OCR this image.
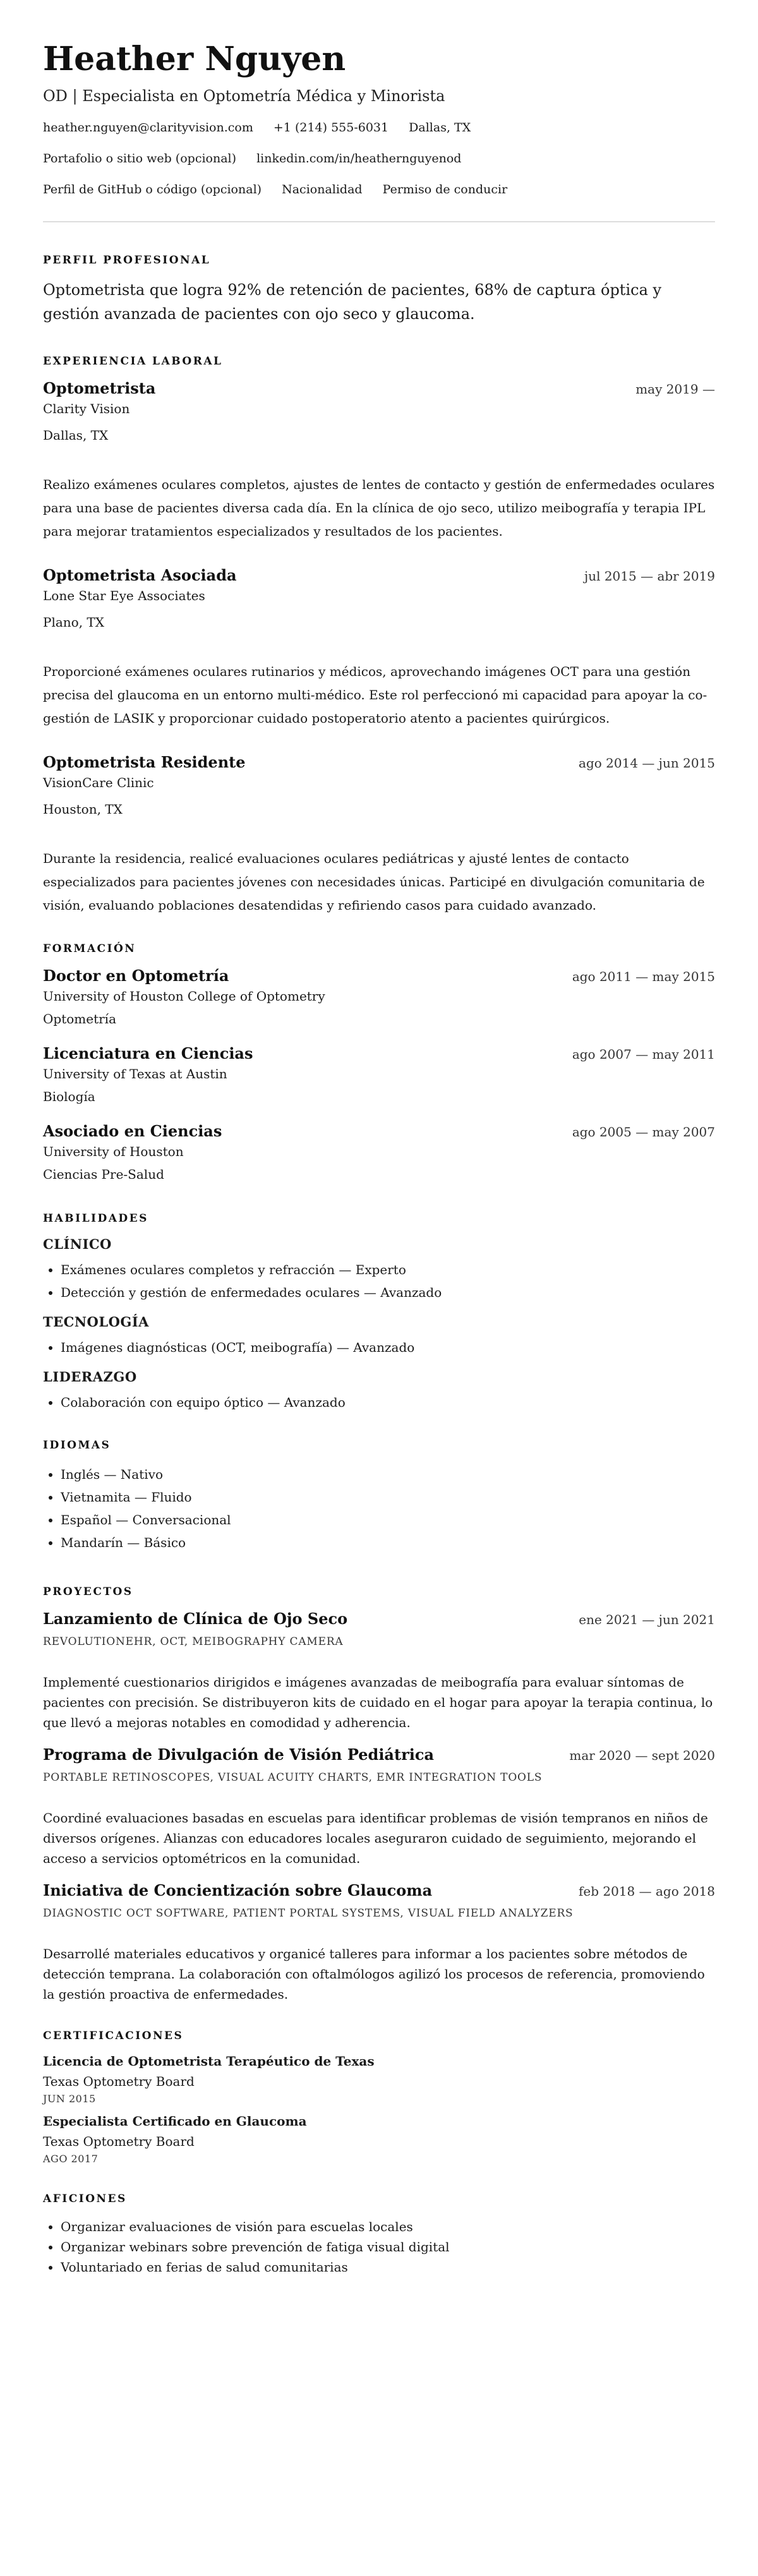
Heather Nguyen
OD | Especialista en Optometría Médica y Minorista
heather.nguyen@clarityvision.com +1 (214) 555-6031 Dallas, TX
Portafolio o sitio web (opcional) linkedin.com/in/heathernguyenod
Perfil de GitHub o código (opcional) Nacionalidad Permiso de conducir
PERFIL PROFESIONAL
Optometrista que logra 92% de retención de pacientes, 68% de captura óptica y gestión avanzada de pacientes con ojo seco y glaucoma.
EXPERIENCIA LABORAL
Optometrista	may 2019 —
Clarity Vision
Dallas, TX
Realizo exámenes oculares completos, ajustes de lentes de contacto y gestión de enfermedades oculares para una base de pacientes diversa cada día. En la clínica de ojo seco, utilizo meibografía y terapia IPL para mejorar tratamientos especializados y resultados de los pacientes.
Optometrista Asociada	jul 2015 — abr 2019
Lone Star Eye Associates
Plano, TX
Proporcioné exámenes oculares rutinarios y médicos, aprovechando imágenes OCT para una gestión precisa del glaucoma en un entorno multi-médico. Este rol perfeccionó mi capacidad para apoyar la co-gestión de LASIK y proporcionar cuidado postoperatorio atento a pacientes quirúrgicos.
Optometrista Residente	ago 2014 — jun 2015
VisionCare Clinic
Houston, TX
Durante la residencia, realicé evaluaciones oculares pediátricas y ajusté lentes de contacto especializados para pacientes jóvenes con necesidades únicas. Participé en divulgación comunitaria de visión, evaluando poblaciones desatendidas y refiriendo casos para cuidado avanzado.
FORMACIÓN
Doctor en Optometría	ago 2011 — may 2015
University of Houston College of Optometry
Optometría
Licenciatura en Ciencias	ago 2007 — may 2011
University of Texas at Austin
Biología
Asociado en Ciencias	ago 2005 — may 2007
University of Houston
Ciencias Pre-Salud
HABILIDADES
CLÍNICO
• Exámenes oculares completos y refracción — Experto
• Detección y gestión de enfermedades oculares — Avanzado
TECNOLOGÍA
• Imágenes diagnósticas (OCT, meibografía) — Avanzado
LIDERAZGO
• Colaboración con equipo óptico — Avanzado
IDIOMAS
• Inglés — Nativo
• Vietnamita — Fluido
• Español — Conversacional
• Mandarín — Básico
PROYECTOS
Lanzamiento de Clínica de Ojo Seco	ene 2021 — jun 2021
REVOLUTIONEHR, OCT, MEIBOGRAPHY CAMERA
Implementé cuestionarios dirigidos e imágenes avanzadas de meibografía para evaluar síntomas de pacientes con precisión. Se distribuyeron kits de cuidado en el hogar para apoyar la terapia continua, lo que llevó a mejoras notables en comodidad y adherencia.
Programa de Divulgación de Visión Pediátrica	mar 2020 — sept 2020
PORTABLE RETINOSCOPES, VISUAL ACUITY CHARTS, EMR INTEGRATION TOOLS
Coordiné evaluaciones basadas en escuelas para identificar problemas de visión tempranos en niños de diversos orígenes. Alianzas con educadores locales aseguraron cuidado de seguimiento, mejorando el acceso a servicios optométricos en la comunidad.
Iniciativa de Concientización sobre Glaucoma	feb 2018 — ago 2018
DIAGNOSTIC OCT SOFTWARE, PATIENT PORTAL SYSTEMS, VISUAL FIELD ANALYZERS
Desarrollé materiales educativos y organicé talleres para informar a los pacientes sobre métodos de detección temprana. La colaboración con oftalmólogos agilizó los procesos de referencia, promoviendo la gestión proactiva de enfermedades.
CERTIFICACIONES
Licencia de Optometrista Terapéutico de Texas
Texas Optometry Board
JUN 2015
Especialista Certificado en Glaucoma
Texas Optometry Board
AGO 2017
AFICIONES
• Organizar evaluaciones de visión para escuelas locales
• Organizar webinars sobre prevención de fatiga visual digital
• Voluntariado en ferias de salud comunitarias
